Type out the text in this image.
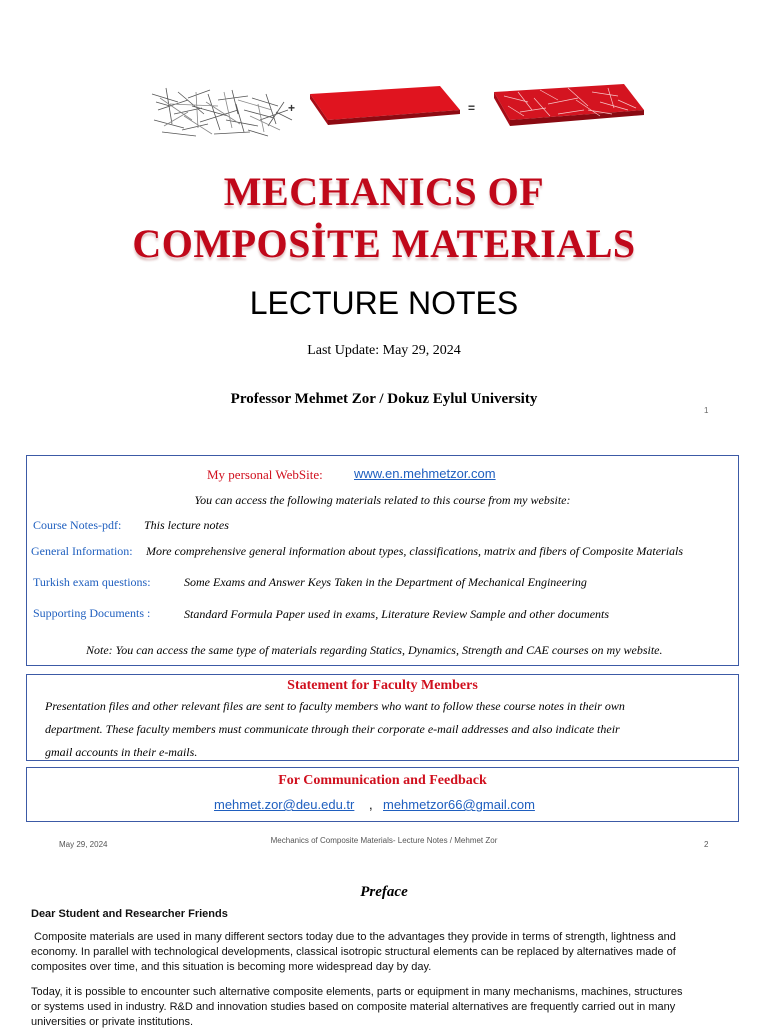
+	=
MECHANICS OF
COMPOSİTE MATERIALS
LECTURE NOTES
Last Update: May 29, 2024
Professor Mehmet Zor / Dokuz Eylul University
1
My personal WebSite: www.en.mehmetzor.com
You can access the following materials related to this course from my website:
Course Notes-pdf: This lecture notes
General Information: More comprehensive general information about types, classifications, matrix and fibers of Composite Materials
Turkish exam questions:	Some Exams and Answer Keys Taken in the Department of Mechanical Engineering
Supporting Documents :	Standard Formula Paper used in exams, Literature Review Sample and other documents
Note: You can access the same type of materials regarding Statics, Dynamics, Strength and CAE courses on my website.
Statement for Faculty Members
Presentation files and other relevant files are sent to faculty members who want to follow these course notes in their own
department. These faculty members must communicate through their corporate e-mail addresses and also indicate their
gmail accounts in their e-mails.
For Communication and Feedback
mehmet.zor@deu.edu.tr , mehmetzor66@gmail.com
May 29, 2024	Mechanics of Composite Materials- Lecture Notes / Mehmet Zor	2
Preface
Dear Student and Researcher Friends
Composite materials are used in many different sectors today due to the advantages they provide in terms of strength, lightness and
economy. In parallel with technological developments, classical isotropic structural elements can be replaced by alternatives made of
composites over time, and this situation is becoming more widespread day by day.
Today, it is possible to encounter such alternative composite elements, parts or equipment in many mechanisms, machines, structures
or systems used in industry. R&D and innovation studies based on composite material alternatives are frequently carried out in many
universities or private institutions.
